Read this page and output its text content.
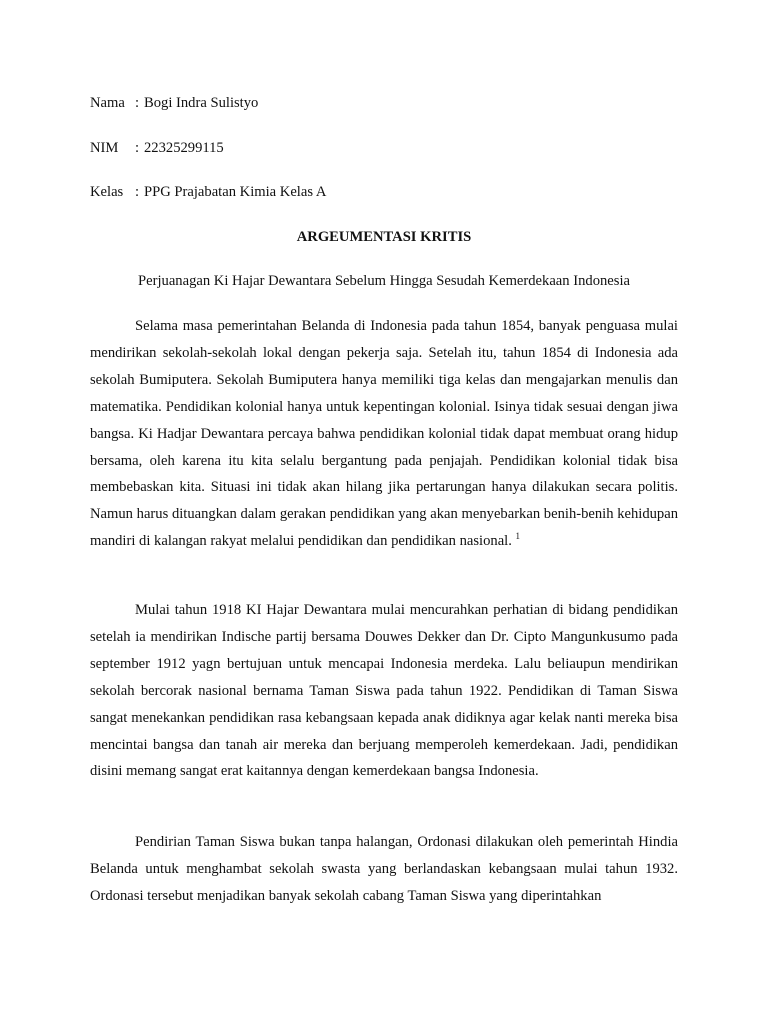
Nama : Bogi Indra Sulistyo
NIM	: 22325299115
Kelas : PPG Prajabatan Kimia Kelas A
ARGEUMENTASI KRITIS
Perjuanagan Ki Hajar Dewantara Sebelum Hingga Sesudah Kemerdekaan Indonesia

Selama masa pemerintahan Belanda di Indonesia pada tahun 1854, banyak penguasa mulai mendirikan sekolah-sekolah lokal dengan pekerja saja. Setelah itu, tahun 1854 di Indonesia ada sekolah Bumiputera. Sekolah Bumiputera hanya memiliki tiga kelas dan mengajarkan menulis dan matematika. Pendidikan kolonial hanya untuk kepentingan kolonial. Isinya tidak sesuai dengan jiwa bangsa. Ki Hadjar Dewantara percaya bahwa pendidikan kolonial tidak dapat membuat orang hidup bersama, oleh karena itu kita selalu bergantung pada penjajah. Pendidikan kolonial tidak bisa membebaskan kita. Situasi ini tidak akan hilang jika pertarungan hanya dilakukan secara politis. Namun harus dituangkan dalam gerakan pendidikan yang akan menyebarkan benih-benih kehidupan mandiri di kalangan rakyat melalui pendidikan dan pendidikan nasional. $^1$

Mulai tahun 1918 KI Hajar Dewantara mulai mencurahkan perhatian di bidang pendidikan setelah ia mendirikan Indische partij bersama Douwes Dekker dan Dr. Cipto Mangunkusumo pada september 1912 yagn bertujuan untuk mencapai Indonesia merdeka. Lalu beliaupun mendirikan sekolah bercorak nasional bernama Taman Siswa pada tahun 1922. Pendidikan di Taman Siswa sangat menekankan pendidikan rasa kebangsaan kepada anak didiknya agar kelak nanti mereka bisa mencintai bangsa dan tanah air mereka dan berjuang memperoleh kemerdekaan. Jadi, pendidikan disini memang sangat erat kaitannya dengan kemerdekaan bangsa Indonesia.

Pendirian Taman Siswa bukan tanpa halangan, Ordonasi dilakukan oleh pemerintah Hindia Belanda untuk menghambat sekolah swasta yang berlandaskan kebangsaan mulai tahun 1932. Ordonasi tersebut menjadikan banyak sekolah cabang Taman Siswa yang diperintahkan
